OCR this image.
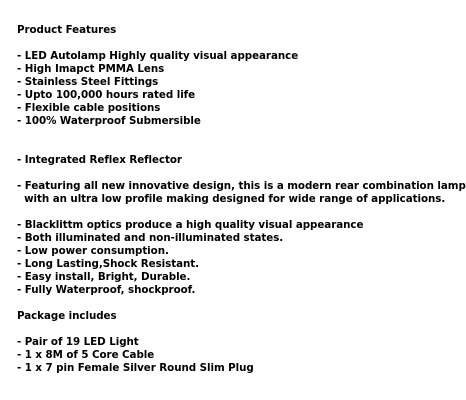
Product Features
- LED Autolamp Highly quality visual appearance
- High Imapct PMMA Lens
- Stainless Steel Fittings
- Upto 100,000 hours rated life
- Flexible cable positions
- 100% Waterproof Submersible
- Integrated Reflex Reflector
- Featuring all new innovative design, this is a modern rear combination lamp
with an ultra low profile making designed for wide range of applications.
- Blacklittm optics produce a high quality visual appearance
- Both illuminated and non-illuminated states.
- Low power consumption.
- Long Lasting,Shock Resistant.
- Easy install, Bright, Durable.
- Fully Waterproof, shockproof.
Package includes
- Pair of 19 LED Light
- 1 x 8M of 5 Core Cable
- 1 x 7 pin Female Silver Round Slim Plug
